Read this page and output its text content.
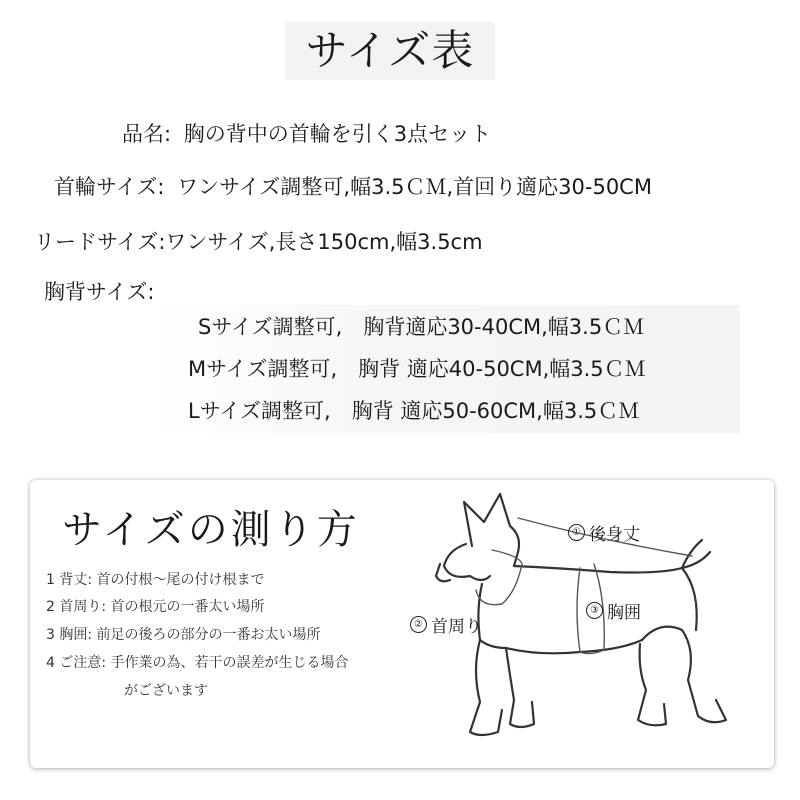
サイズ表
品名: 胸の背中の首輪を引く3点セット
首輪サイズ: ワンサイズ調整可,幅3.5ＣＭ,首回り適応30-50CM
リードサイズ:ワンサイズ,長さ150cm,幅3.5cm
胸背サイズ:
Sサイズ調整可,　胸背適応30-40CM,幅3.5ＣＭ
Mサイズ調整可,　胸背 適応40-50CM,幅3.5ＣＭ
Lサイズ調整可,　胸背 適応50-60CM,幅3.5ＣＭ
サイズの測り方
1 背丈: 首の付根～尾の付け根まで
2 首周り: 首の根元の一番太い場所
3 胸囲: 前足の後ろの部分の一番お太い場所
4 ご注意: 手作業の為、若干の誤差が生じる場合
がございます
① 後身丈
② 首周り
③ 胸囲
